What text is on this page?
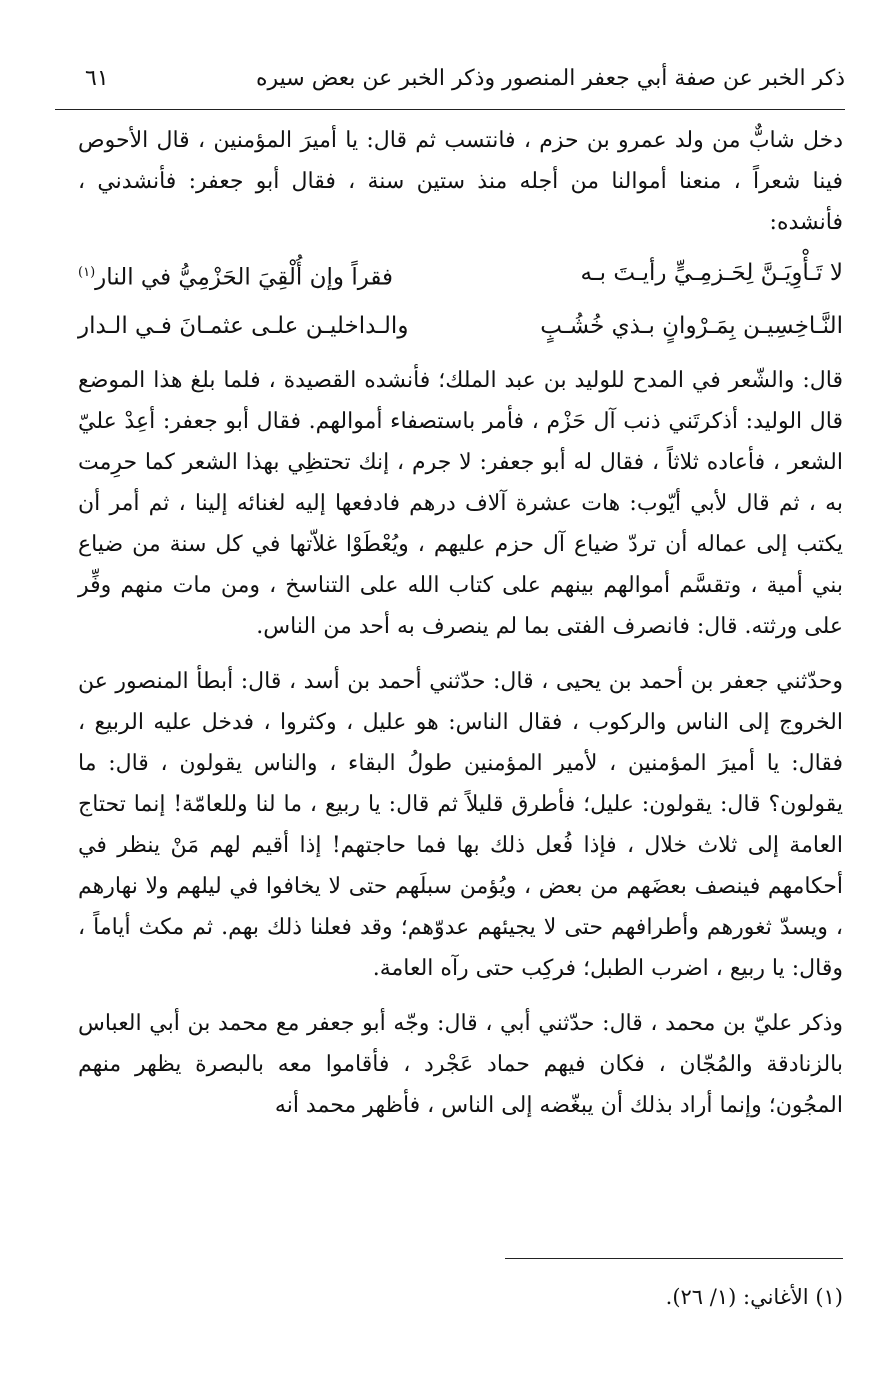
٦١	ذكر الخبر عن صفة أبي جعفر المنصور وذكر الخبر عن بعض سيره

دخل شابٌّ من ولد عمرو بن حزم ، فانتسب ثم قال: يا أميرَ المؤمنين ، قال الأحوص فينا شعراً ، منعنا أموالنا من أجله منذ ستين سنة ، فقال أبو جعفر: فأنشدني ، فأنشده:

لا تَـأْوِيَـنَّ لِحَـزمِـيٍّ رأيـتَ بـه
فقراً وإن أُلْقِيَ الحَزْمِيُّ في النار$^{(١)}$
النَّـاخِسِيـن بِمَـرْوانٍ بـذي خُشُـبٍ
والـداخليـن علـى عثمـانَ فـي الـدار

قال: والشّعر في المدح للوليد بن عبد الملك؛ فأنشده القصيدة ، فلما بلغ هذا الموضع قال الوليد: أذكرتَني ذنب آل حَزْم ، فأمر باستصفاء أموالهم. فقال أبو جعفر: أعِدْ عليّ الشعر ، فأعاده ثلاثاً ، فقال له أبو جعفر: لا جرم ، إنك تحتظِي بهذا الشعر كما حرِمت به ، ثم قال لأبي أيّوب: هات عشرة آلاف درهم فادفعها إليه لغنائه إلينا ، ثم أمر أن يكتب إلى عماله أن تردّ ضياع آل حزم عليهم ، ويُعْطَوْا غلاّتها في كل سنة من ضياع بني أمية ، وتقسَّم أموالهم بينهم على كتاب الله على التناسخ ، ومن مات منهم وفِّر على ورثته. قال: فانصرف الفتى بما لم ينصرف به أحد من الناس.

وحدّثني جعفر بن أحمد بن يحيى ، قال: حدّثني أحمد بن أسد ، قال: أبطأ المنصور عن الخروج إلى الناس والركوب ، فقال الناس: هو عليل ، وكثروا ، فدخل عليه الربيع ، فقال: يا أميرَ المؤمنين ، لأمير المؤمنين طولُ البقاء ، والناس يقولون ، قال: ما يقولون؟ قال: يقولون: عليل؛ فأطرق قليلاً ثم قال: يا ربيع ، ما لنا وللعامّة! إنما تحتاج العامة إلى ثلاث خلال ، فإذا فُعل ذلك بها فما حاجتهم! إذا أقيم لهم مَنْ ينظر في أحكامهم فينصف بعضَهم من بعض ، ويُؤمن سبلَهم حتى لا يخافوا في ليلهم ولا نهارهم ، ويسدّ ثغورهم وأطرافهم حتى لا يجيئهم عدوّهم؛ وقد فعلنا ذلك بهم. ثم مكث أياماً ، وقال: يا ربيع ، اضرب الطبل؛ فركِب حتى رآه العامة.

وذكر عليّ بن محمد ، قال: حدّثني أبي ، قال: وجّه أبو جعفر مع محمد بن أبي العباس بالزنادقة والمُجّان ، فكان فيهم حماد عَجْرد ، فأقاموا معه بالبصرة يظهر منهم المجُون؛ وإنما أراد بذلك أن يبغّضه إلى الناس ، فأظهر محمد أنه

(١) الأغاني: (١/ ٢٦).
